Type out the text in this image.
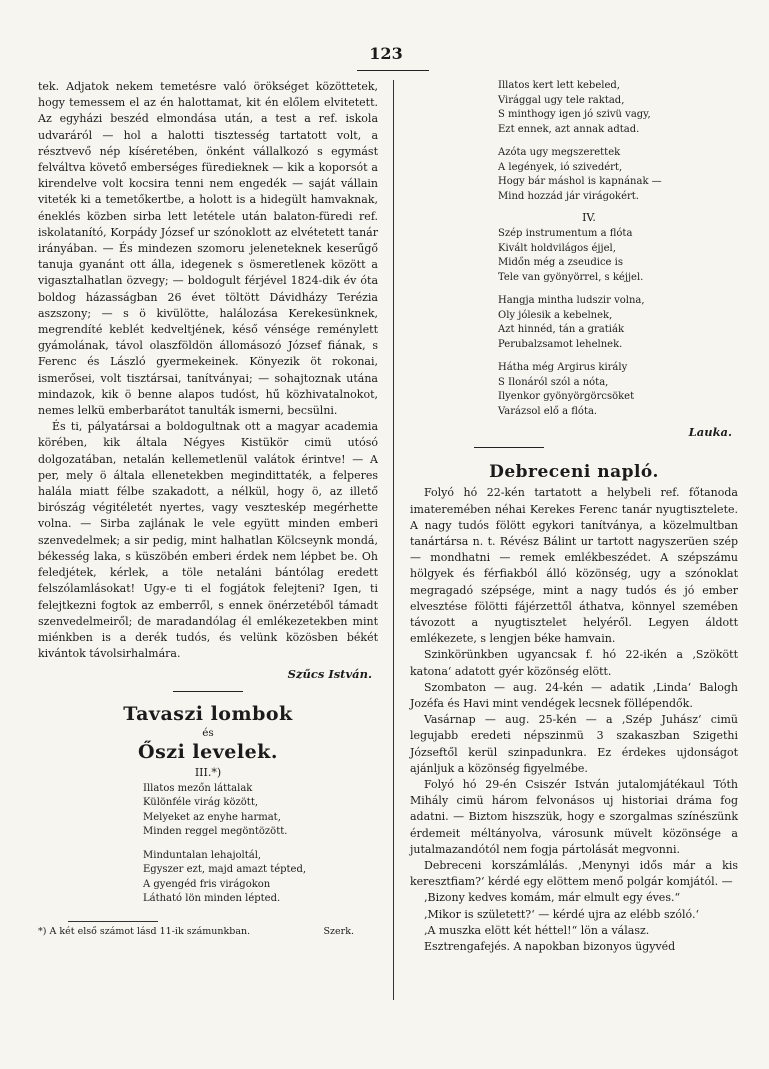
123

tek. Adjatok nekem temetésre való örökséget közöttetek, hogy temessem el az én halottamat, kit én előlem elvitetett. Az egyházi beszéd elmondása után, a test a ref. iskola udvaráról — hol a halotti tisztesség tartatott volt, a résztvevő nép kíséretében, önként vállalkozó s egymást felváltva követő emberséges füredieknek — kik a koporsót a kirendelve volt kocsira tenni nem engedék — saját vállain viteték ki a temetőkertbe, a holott is a hidegült hamvaknak, éneklés közben sirba lett letétele után balaton-füredi ref. iskolatanító, Korpády József ur szónoklott az elvétetett tanár irányában. — És mindezen szomoru jeleneteknek keserűgő tanuja gyanánt ott álla, idegenek s ösmeretlenek között a vigasztalhatlan özvegy; — boldogult férjével 1824-dik év óta boldog házasságban 26 évet töltött Dávidházy Terézia aszszony; — s ö kivülötte, halálozása Kerekesünknek, megrendíté keblét kedveltjének, késő vénsége reménylett gyámolának, távol olaszföldön állomásozó József fiának, s Ferenc és László gyermekeinek. Könyezik öt rokonai, ismerősei, volt tisztársai, tanítványai; — sohajtoznak utána mindazok, kik ö benne alapos tudóst, hű közhivatalnokot, nemes lelkü emberbarátot tanulták ismerni, becsülni.

És ti, pályatársai a boldogultnak ott a magyar academia körében, kik általa Négyes Kistükör cimü utósó dolgozatában, netalán kellemetlenül valátok érintve! — A per, mely ö általa ellenetekben megindittaték, a felperes halála miatt félbe szakadott, a nélkül, hogy ö, az illető birószág végitéletét nyertes, vagy veszteskép megérhette volna. — Sirba zajlának le vele együtt minden emberi szenvedelmek; a sir pedig, mint halhatlan Kölcseynk mondá, békesség laka, s küszöbén emberi érdek nem lépbet be. Oh feledjétek, kérlek, a töle netaláni bántólag eredett felszólamlásokat! Ugy-e ti el fogjátok felejteni? Igen, ti felejtkezni fogtok az emberről, s ennek önérzetéből támadt szenvedelmeiről; de maradandólag él emlékezetekben mint miénkben is a derék tudós, és velünk közösben békét kivántok távolsirhalmára.

Szűcs István.
Tavaszi lombok
és
Őszi levelek.
III.*)
Illatos mezőn láttalak
Különféle virág között,
Melyeket az enyhe harmat,
Minden reggel megöntözött.
Minduntalan lehajoltál,
Egyszer ezt, majd amazt tépted,
A gyengéd fris virágokon
Látható lön minden lépted.
*) A két első számot lásd 11-ik számunkban.	Szerk.
Illatos kert lett kebeled,
Virággal ugy tele raktad,
S minthogy igen jó szivü vagy,
Ezt ennek, azt annak adtad.
Azóta ugy megszerettek
A legények, ió szivedért,
Hogy bár máshol is kapnának —
Mind hozzád jár virágokért.
IV.
Szép instrumentum a flóta
Kivált holdvilágos éjjel,
Midőn még a zseudice is
Tele van gyönyörrel, s kéjjel.
Hangja mintha ludszir volna,
Oly jólesik a kebelnek,
Azt hinnéd, tán a gratiák
Perubalzsamot lehelnek.
Hátha még Argirus király
S Ilonáról szól a nóta,
Ilyenkor gyönyörgörcsöket
Varázsol elő a flóta.
Lauka.
Debreceni napló.

Folyó hó 22-kén tartatott a helybeli ref. főtanoda imateremében néhai Kerekes Ferenc tanár nyugtisztelete. A nagy tudós fölött egykori tanítványa, a közelmultban tanártársa n. t. Révész Bálint ur tartott nagyszerüen szép — mondhatni — remek emlékbeszédet. A szépszámu hölgyek és férfiakból álló közönség, ugy a szónoklat megragadó szépsége, mint a nagy tudós és jó ember elvesztése fölötti fájérzettől áthatva, könnyel szemében távozott a nyugtisztelet helyéről. Legyen áldott emlékezete, s lengjen béke hamvain.

Szinkörünkben ugyancsak f. hó 22-ikén a ‚Szökött katona‘ adatott gyér közönség elött.

Szombaton — aug. 24-kén — adatik ‚Linda‘ Balogh Jozéfa és Havi mint vendégek lecsnek föllépendők.

Vasárnap — aug. 25-kén — a ‚Szép Juhász‘ cimü legujabb eredeti népszinmü 3 szakaszban Szigethi Józseftől kerül szinpadunkra. Ez érdekes ujdonságot ajánljuk a közönség figyelmébe.

Folyó hó 29-én Csiszér István jutalomjátékaul Tóth Mihály cimü három felvonásos uj historiai dráma fog adatni. — Biztom hiszszük, hogy e szorgalmas színészünk érdemeit méltányolva, városunk müvelt közönsége a jutalmazandótól nem fogja pártolását megvonni.

Debreceni korszámlálás. ‚Menynyi idős már a kis keresztfiam?‘ kérdé egy elöttem menő polgár komjától. —

‚Bizony kedves komám, már elmult egy éves.“

‚Mikor is született?‘ — kérdé ujra az elébb szóló.‘

‚A muszka elött két héttel!“ lön a válasz.

Esztrengafejés. A napokban bizonyos ügyvéd
